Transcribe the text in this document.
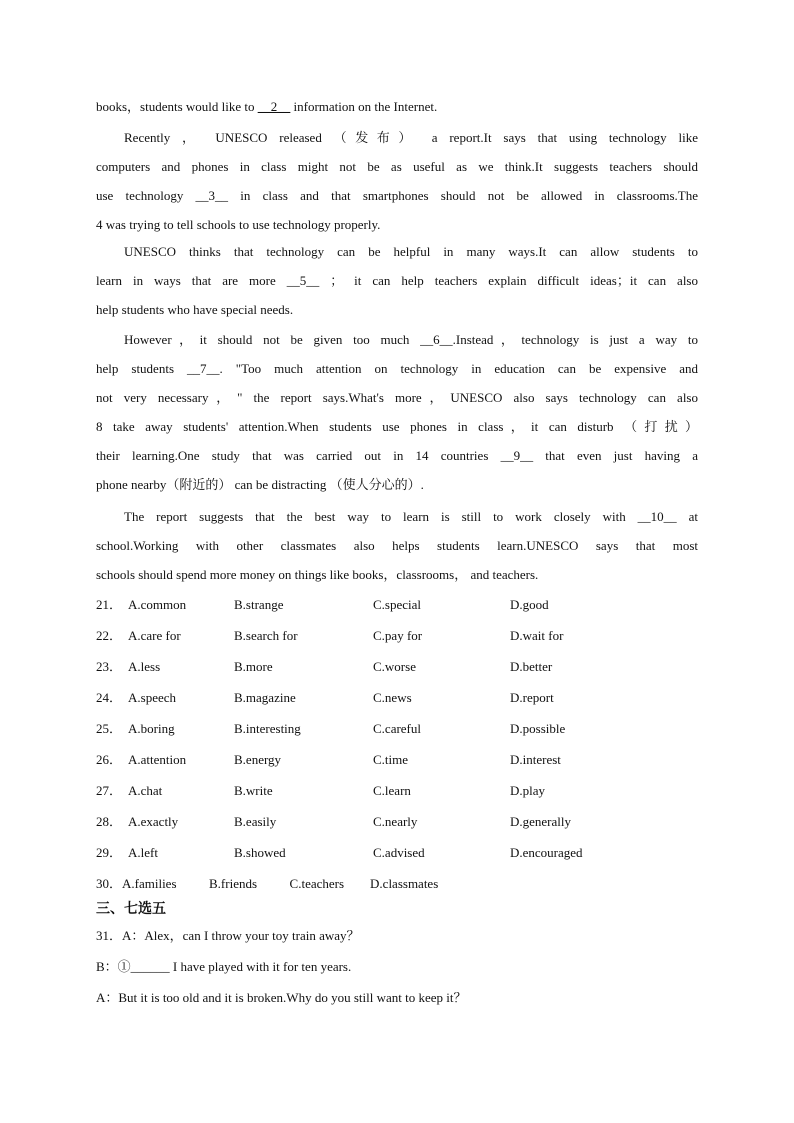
books，students would like to __2__ information on the Internet.
Recently ， UNESCO released （发布） a report.It says that using technology like
computers and phones in class might not be as useful as we think.It suggests teachers should
use technology __3__ in class and that smartphones should not be allowed in classrooms.The
4 was trying to tell schools to use technology properly.
UNESCO thinks that technology can be helpful in many ways.It can allow students to
learn in ways that are more __5__ ； it can help teachers explain difficult ideas；it can also
help students who have special needs.
However，it should not be given too much __6__.Instead，technology is just a way to
help students __7__. "Too much attention on technology in education can be expensive and
not very necessary，" the report says.What's more，UNESCO also says technology can also
8 take away students' attention.When students use phones in class，it can disturb （打扰）
their learning.One study that was carried out in 14 countries __9__ that even just having a
phone nearby（附近的） can be distracting （使人分心的）.
The report suggests that the best way to learn is still to work closely with __10__ at
school.Working with other classmates also helps students learn.UNESCO says that most
schools should spend more money on things like books，classrooms， and teachers.
21． A.common	B.strange	C.special	D.good
22． A.care for	B.search for	C.pay for	D.wait for
23． A.less	B.more	C.worse	D.better
24． A.speech	B.magazine	C.news	D.report
25． A.boring	B.interesting	C.careful	D.possible
26． A.attention	B.energy	C.time	D.interest
27． A.chat	B.write	C.learn	D.play
28． A.exactly	B.easily	C.nearly	D.generally
29． A.left	B.showed	C.advised	D.encouraged
30．A.families          B.friends          C.teachers        D.classmates
三、七选五
31．A：Alex，can I throw your toy train away？
B：①______ I have played with it for ten years.
A：But it is too old and it is broken.Why do you still want to keep it？
